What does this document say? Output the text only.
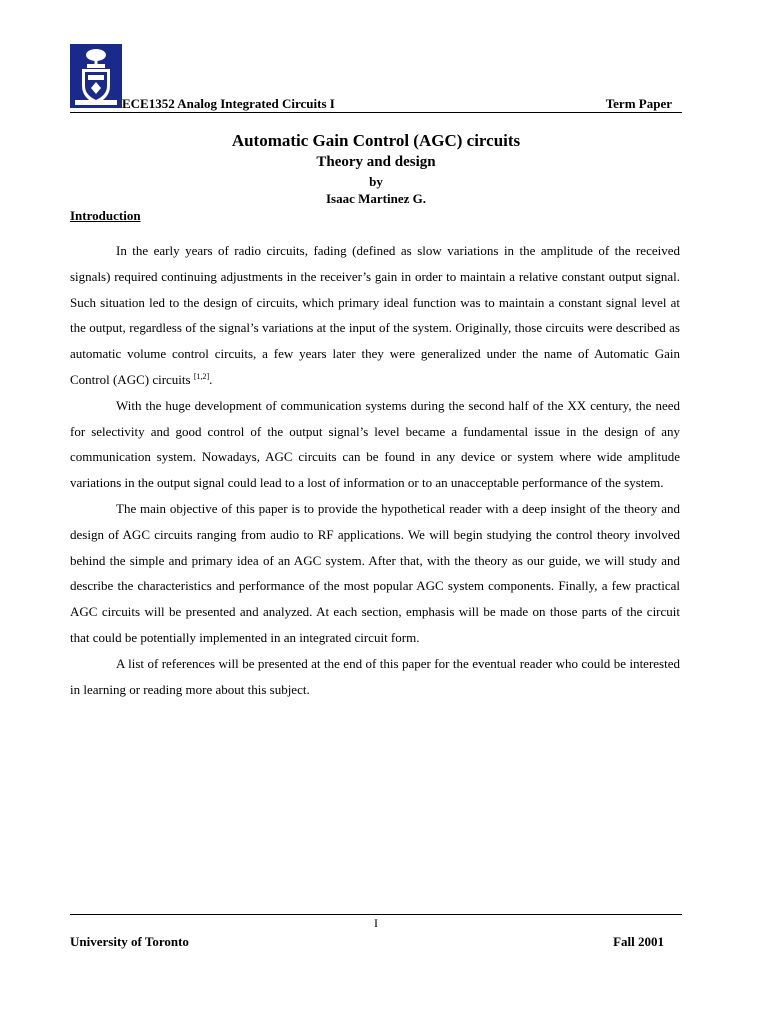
ECE1352 Analog Integrated Circuits I	Term Paper
Automatic Gain Control (AGC) circuits
Theory and design
by
Isaac Martinez G.
Introduction

In the early years of radio circuits, fading (defined as slow variations in the amplitude of the received signals) required continuing adjustments in the receiver’s gain in order to maintain a relative constant output signal. Such situation led to the design of circuits, which primary ideal function was to maintain a constant signal level at the output, regardless of the signal’s variations at the input of the system. Originally, those circuits were described as automatic volume control circuits, a few years later they were generalized under the name of Automatic Gain Control (AGC) circuits [1,2].

With the huge development of communication systems during the second half of the XX century, the need for selectivity and good control of the output signal’s level became a fundamental issue in the design of any communication system. Nowadays, AGC circuits can be found in any device or system where wide amplitude variations in the output signal could lead to a lost of information or to an unacceptable performance of the system.

The main objective of this paper is to provide the hypothetical reader with a deep insight of the theory and design of AGC circuits ranging from audio to RF applications. We will begin studying the control theory involved behind the simple and primary idea of an AGC system. After that, with the theory as our guide, we will study and describe the characteristics and performance of the most popular AGC system components. Finally, a few practical AGC circuits will be presented and analyzed. At each section, emphasis will be made on those parts of the circuit that could be potentially implemented in an integrated circuit form.

A list of references will be presented at the end of this paper for the eventual reader who could be interested in learning or reading more about this subject.

I
University of Toronto	Fall 2001
